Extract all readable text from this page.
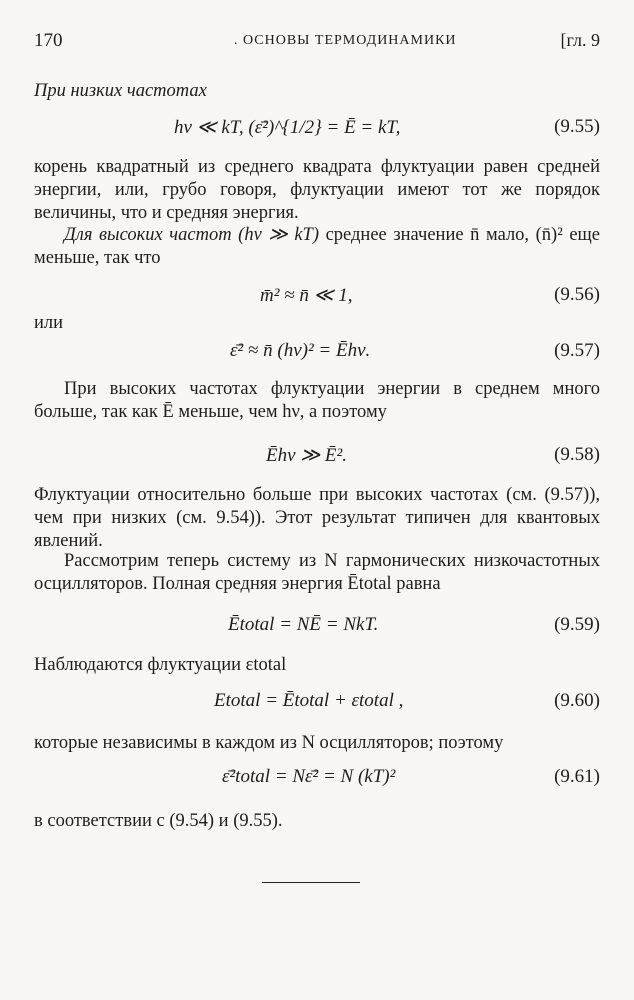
170	. ОСНОВЫ ТЕРМОДИНАМИКИ	[гл. 9
При низких частотах
hν ≪ kT, (ε̄²)^{1/2} = Ē = kT,	(9.55)
корень квадратный из среднего квадрата флуктуации равен средней энергии, или, грубо говоря, флуктуации имеют тот же порядок величины, что и средняя энергия.
Для высоких частот (hν ≫ kT) среднее значение n̄ мало, (n̄)² еще меньше, так что
m̄² ≈ n̄ ≪ 1,	(9.56)
или
ε̄² ≈ n̄ (hν)² = Ēhν.	(9.57)
При высоких частотах флуктуации энергии в среднем много больше, так как Ē меньше, чем hν, а поэтому
Ēhν ≫ Ē².	(9.58)
Флуктуации относительно больше при высоких частотах (см. (9.57)), чем при низких (см. 9.54)). Этот результат типичен для квантовых явлений.
Рассмотрим теперь систему из N гармонических низкочастотных осцилляторов. Полная средняя энергия Ētotal равна
Ētotal = NĒ = NkT.	(9.59)
Наблюдаются флуктуации εtotal
Etotal = Ētotal + εtotal ,	(9.60)
которые независимы в каждом из N осцилляторов; поэтому
ε̄²total = Nε̄² = N (kT)²	(9.61)
в соответствии с (9.54) и (9.55).
